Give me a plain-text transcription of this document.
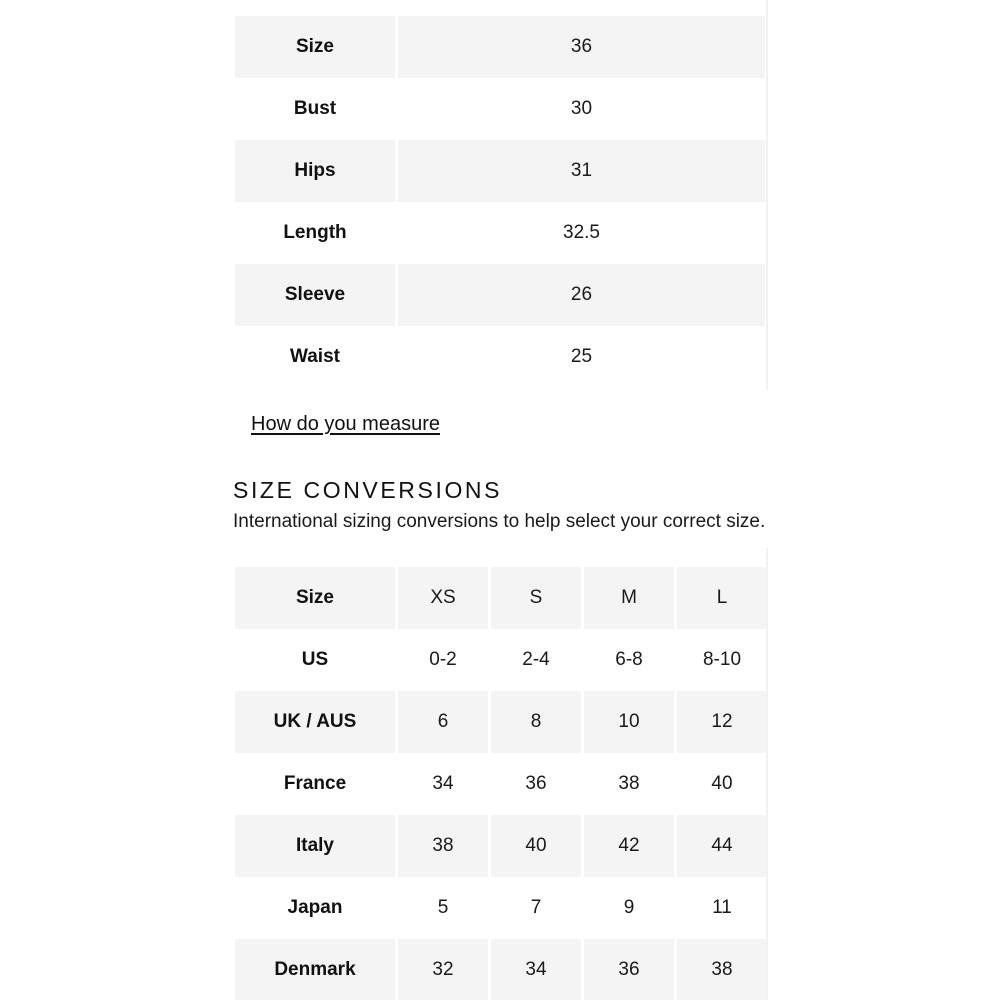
Size	36
Bust	30
Hips	31
Length	32.5
Sleeve	26
Waist	25
How do you measure
SIZE CONVERSIONS

International sizing conversions to help select your correct size.

Size	XS	S	M	L
US	0-2	2-4	6-8	8-10
UK / AUS	6	8	10	12
France	34	36	38	40
Italy	38	40	42	44
Japan	5	7	9	11
Denmark	32	34	36	38
